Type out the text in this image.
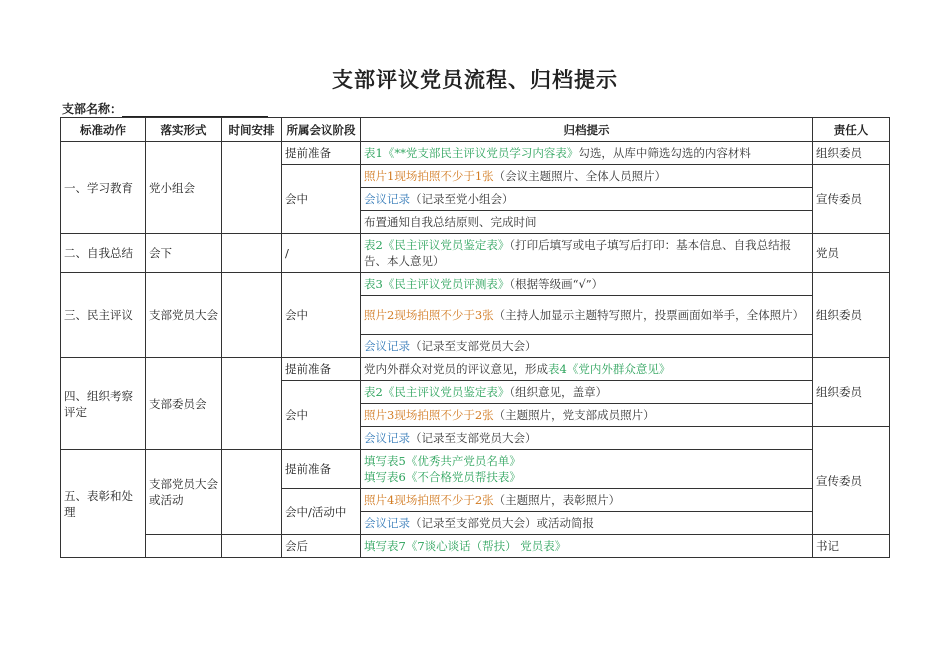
支部评议党员流程、归档提示
支部名称：
标准动作	落实形式	时间安排	所属会议阶段	归档提示	责任人
一、学习教育	党小组会		提前准备	表1《**党支部民主评议党员学习内容表》勾选，从库中筛选勾选的内容材料	组织委员
			会中	照片1现场拍照不少于1张（会议主题照片、全体人员照片）	宣传委员
				会议记录（记录至党小组会）	
				布置通知自我总结原则、完成时间	
二、自我总结	会下		/	表2《民主评议党员鉴定表》（打印后填写或电子填写后打印：基本信息、自我总结报告、本人意见）	党员
三、民主评议	支部党员大会		会中	表3《民主评议党员评测表》（根据等级画“√”）	组织委员
				照片2现场拍照不少于3张（主持人加显示主题特写照片，投票画面如举手，全体照片）	
				会议记录（记录至支部党员大会）	
四、组织考察评定	支部委员会		提前准备	党内外群众对党员的评议意见，形成表4《党内外群众意见》	组织委员
			会中	表2《民主评议党员鉴定表》（组织意见，盖章）	
				照片3现场拍照不少于2张（主题照片，党支部成员照片）	
				会议记录（记录至支部党员大会）	宣传委员
五、表彰和处理	支部党员大会或活动		提前准备	填写表5《优秀共产党员名单》
填写表6《不合格党员帮扶表》	
			会中/活动中	照片4现场拍照不少于2张（主题照片，表彰照片）	
				会议记录（记录至支部党员大会）或活动简报	
			会后	填写表7《7谈心谈话（帮扶） 党员表》	书记
